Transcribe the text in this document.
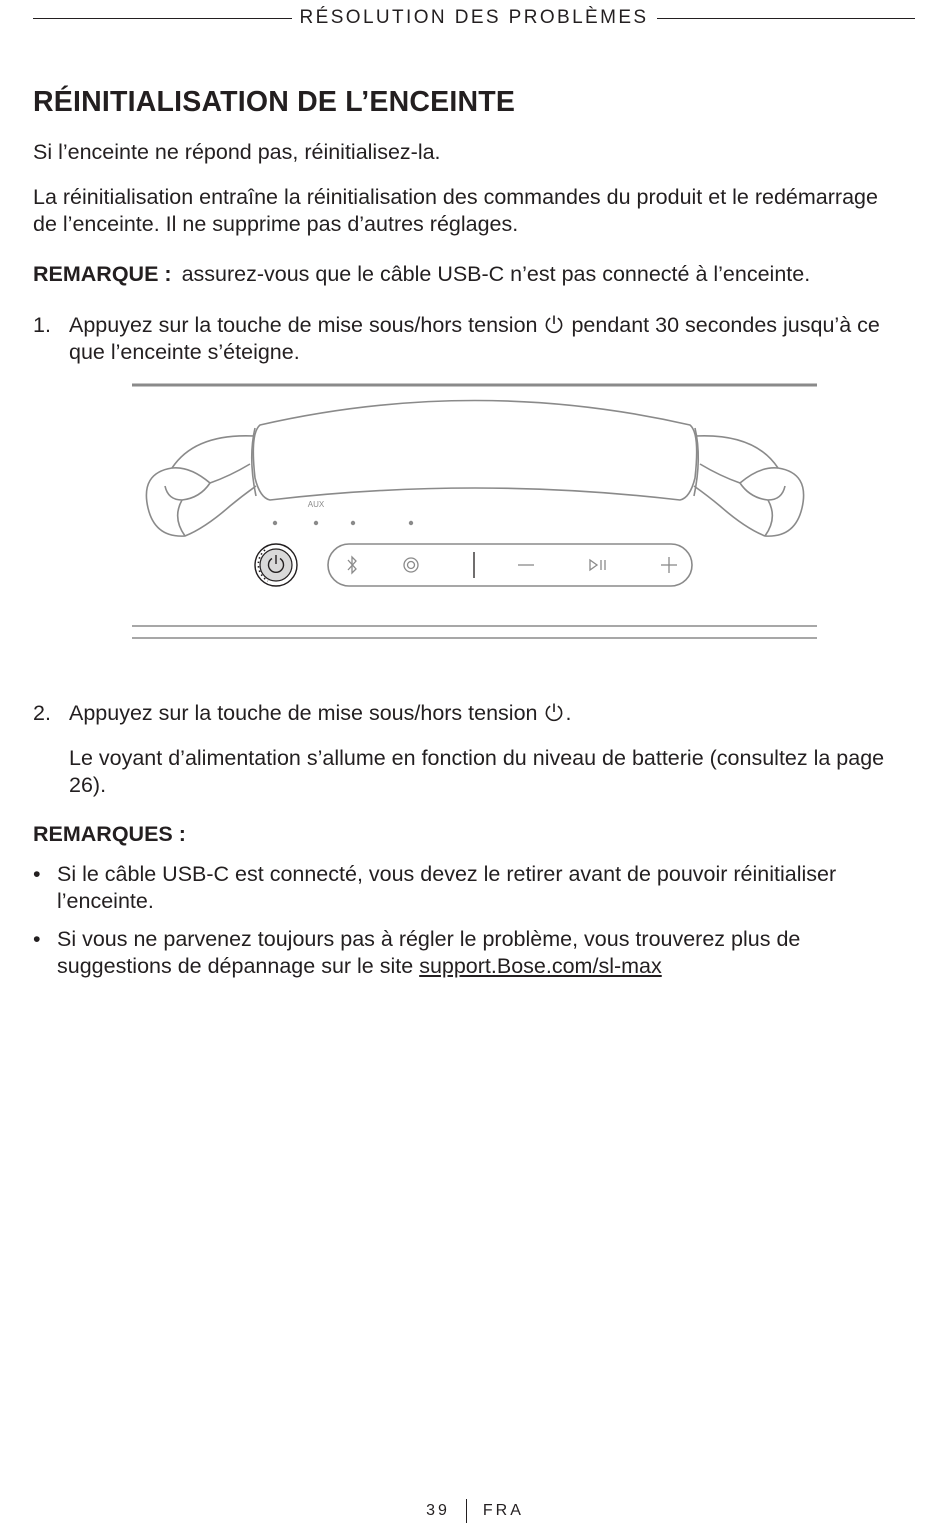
RÉSOLUTION DES PROBLÈMES
RÉINITIALISATION DE L’ENCEINTE

Si l’enceinte ne répond pas, réinitialisez-la.

La réinitialisation entraîne la réinitialisation des commandes du produit et le redémarrage de l’enceinte. Il ne supprime pas d’autres réglages.

REMARQUE : assurez-vous que le câble USB-C n’est pas connecté à l’enceinte.

1. Appuyez sur la touche de mise sous/hors tension  pendant 30 secondes jusqu’à ce que l’enceinte s’éteigne.
AUX
2. Appuyez sur la touche de mise sous/hors tension .

Le voyant d’alimentation s’allume en fonction du niveau de batterie (consultez la page 26).

REMARQUES :

• Si le câble USB-C est connecté, vous devez le retirer avant de pouvoir réinitialiser l’enceinte.
• Si vous ne parvenez toujours pas à régler le problème, vous trouverez plus de suggestions de dépannage sur le site support.Bose.com/sl-max
39 FRA
